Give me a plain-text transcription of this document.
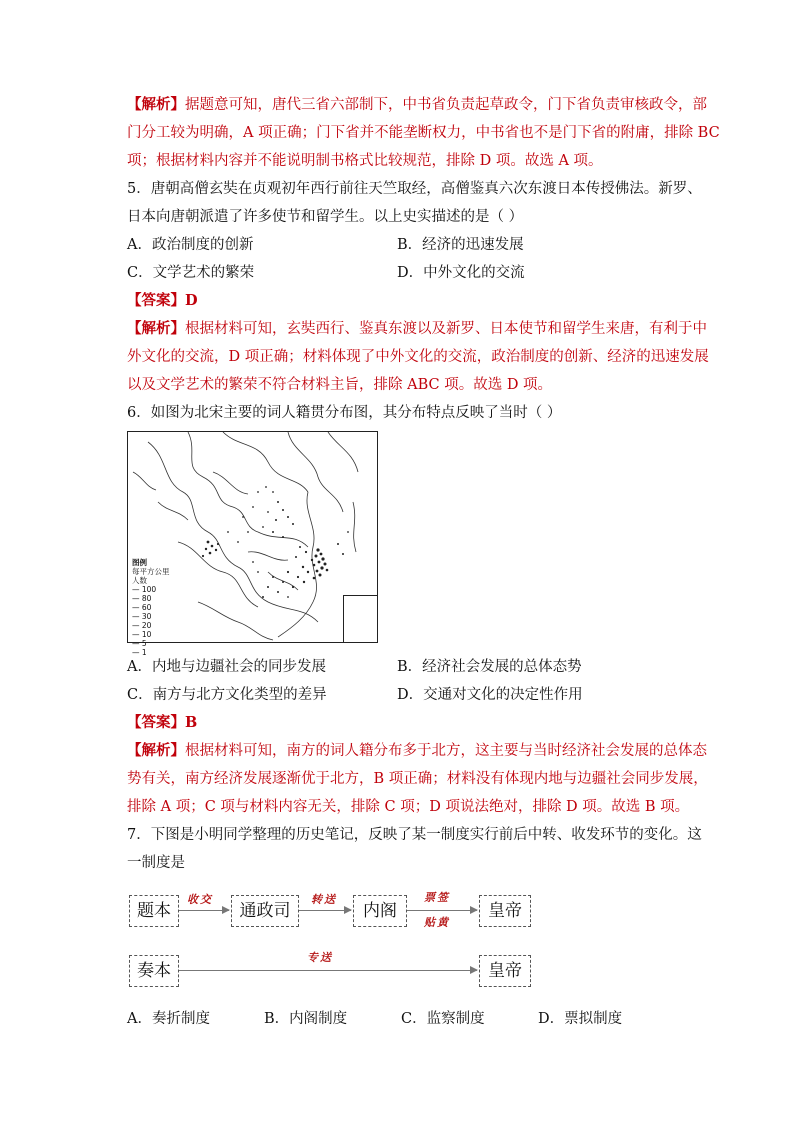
【解析】据题意可知，唐代三省六部制下，中书省负责起草政令，门下省负责审核政令，部
门分工较为明确，A 项正确；门下省并不能垄断权力，中书省也不是门下省的附庸，排除 BC
项；根据材料内容并不能说明制书格式比较规范，排除 D 项。故选 A 项。
5．唐朝高僧玄奘在贞观初年西行前往天竺取经，高僧鉴真六次东渡日本传授佛法。新罗、
日本向唐朝派遣了许多使节和留学生。以上史实描述的是（ ）
A．政治制度的创新	B．经济的迅速发展
C．文学艺术的繁荣	D．中外文化的交流
【答案】D
【解析】根据材料可知，玄奘西行、鉴真东渡以及新罗、日本使节和留学生来唐，有利于中
外文化的交流，D 项正确；材料体现了中外文化的交流，政治制度的创新、经济的迅速发展
以及文学艺术的繁荣不符合材料主旨，排除 ABC 项。故选 D 项。
6．如图为北宋主要的词人籍贯分布图，其分布特点反映了当时（ ）
图例
每平方公里
人数
— 100
— 80
— 60
— 30
— 20
— 10
— 5
— 1
A．内地与边疆社会的同步发展	B．经济社会发展的总体态势
C．南方与北方文化类型的差异	D．交通对文化的决定性作用
【答案】B
【解析】根据材料可知，南方的词人籍分布多于北方，这主要与当时经济社会发展的总体态
势有关，南方经济发展逐渐优于北方，B 项正确；材料没有体现内地与边疆社会同步发展，
排除 A 项；C 项与材料内容无关，排除 C 项；D 项说法绝对，排除 D 项。故选 B 项。
7．下图是小明同学整理的历史笔记，反映了某一制度实行前后中转、收发环节的变化。这
一制度是
题本
收交
通政司
转送
内阁
票签
贴黄
皇帝
奏本
专送
皇帝
A．奏折制度	B．内阁制度	C．监察制度	D．票拟制度
